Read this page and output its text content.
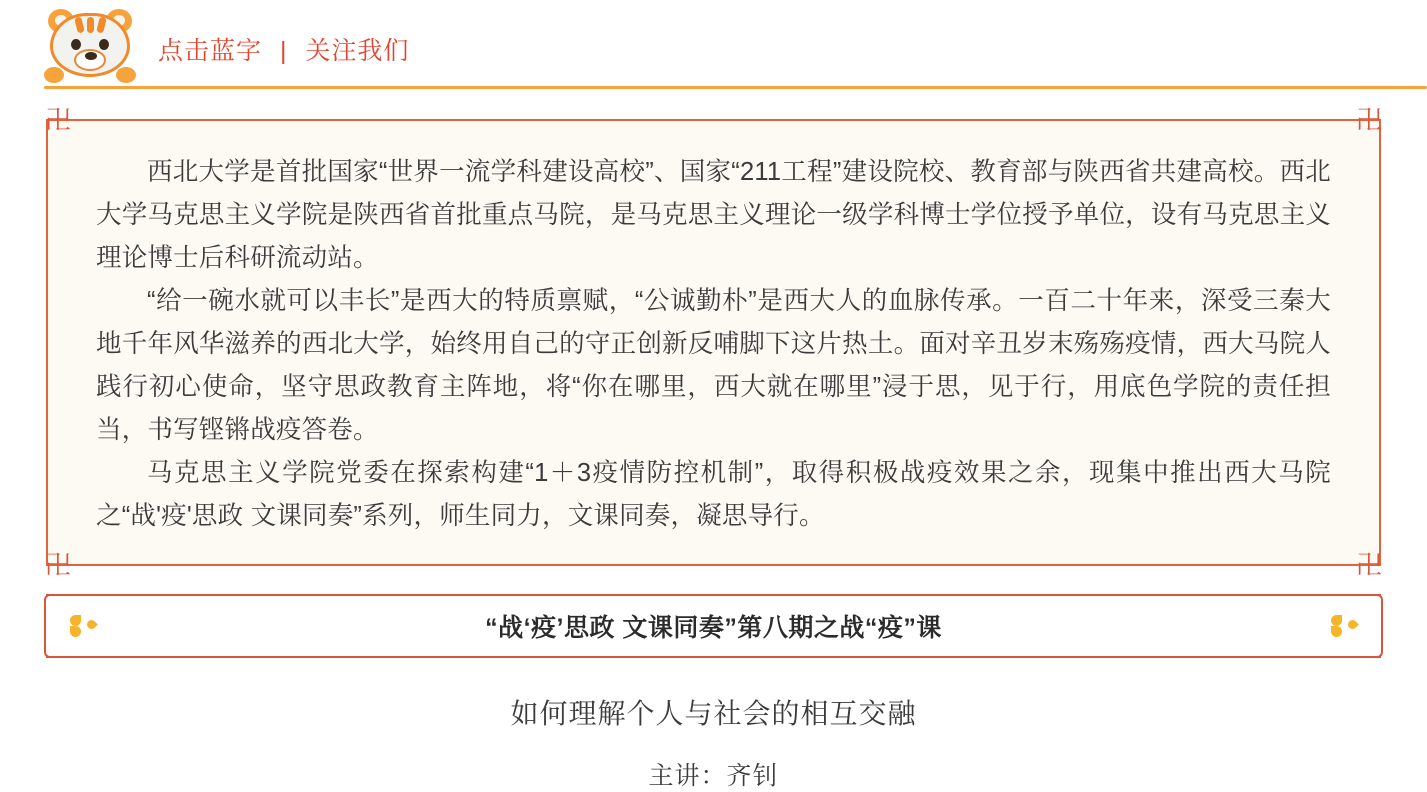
点击蓝字 | 关注我们
卍	卍
卍	卍

西北大学是首批国家“世界一流学科建设高校”、国家“211工程”建设院校、教育部与陕西省共建高校。西北大学马克思主义学院是陕西省首批重点马院，是马克思主义理论一级学科博士学位授予单位，设有马克思主义理论博士后科研流动站。

“给一碗水就可以丰长”是西大的特质禀赋，“公诚勤朴”是西大人的血脉传承。一百二十年来，深受三秦大地千年风华滋养的西北大学，始终用自己的守正创新反哺脚下这片热土。面对辛丑岁末殇殇疫情，西大马院人践行初心使命，坚守思政教育主阵地，将“你在哪里，西大就在哪里”浸于思，见于行，用底色学院的责任担当，书写铿锵战疫答卷。

马克思主义学院党委在探索构建“1＋3疫情防控机制”，取得积极战疫效果之余，现集中推出西大马院之“战'疫'思政 文课同奏”系列，师生同力，文课同奏，凝思导行。

“战‘疫’思政 文课同奏”第八期之战“疫”课
如何理解个人与社会的相互交融
主讲：齐钊
